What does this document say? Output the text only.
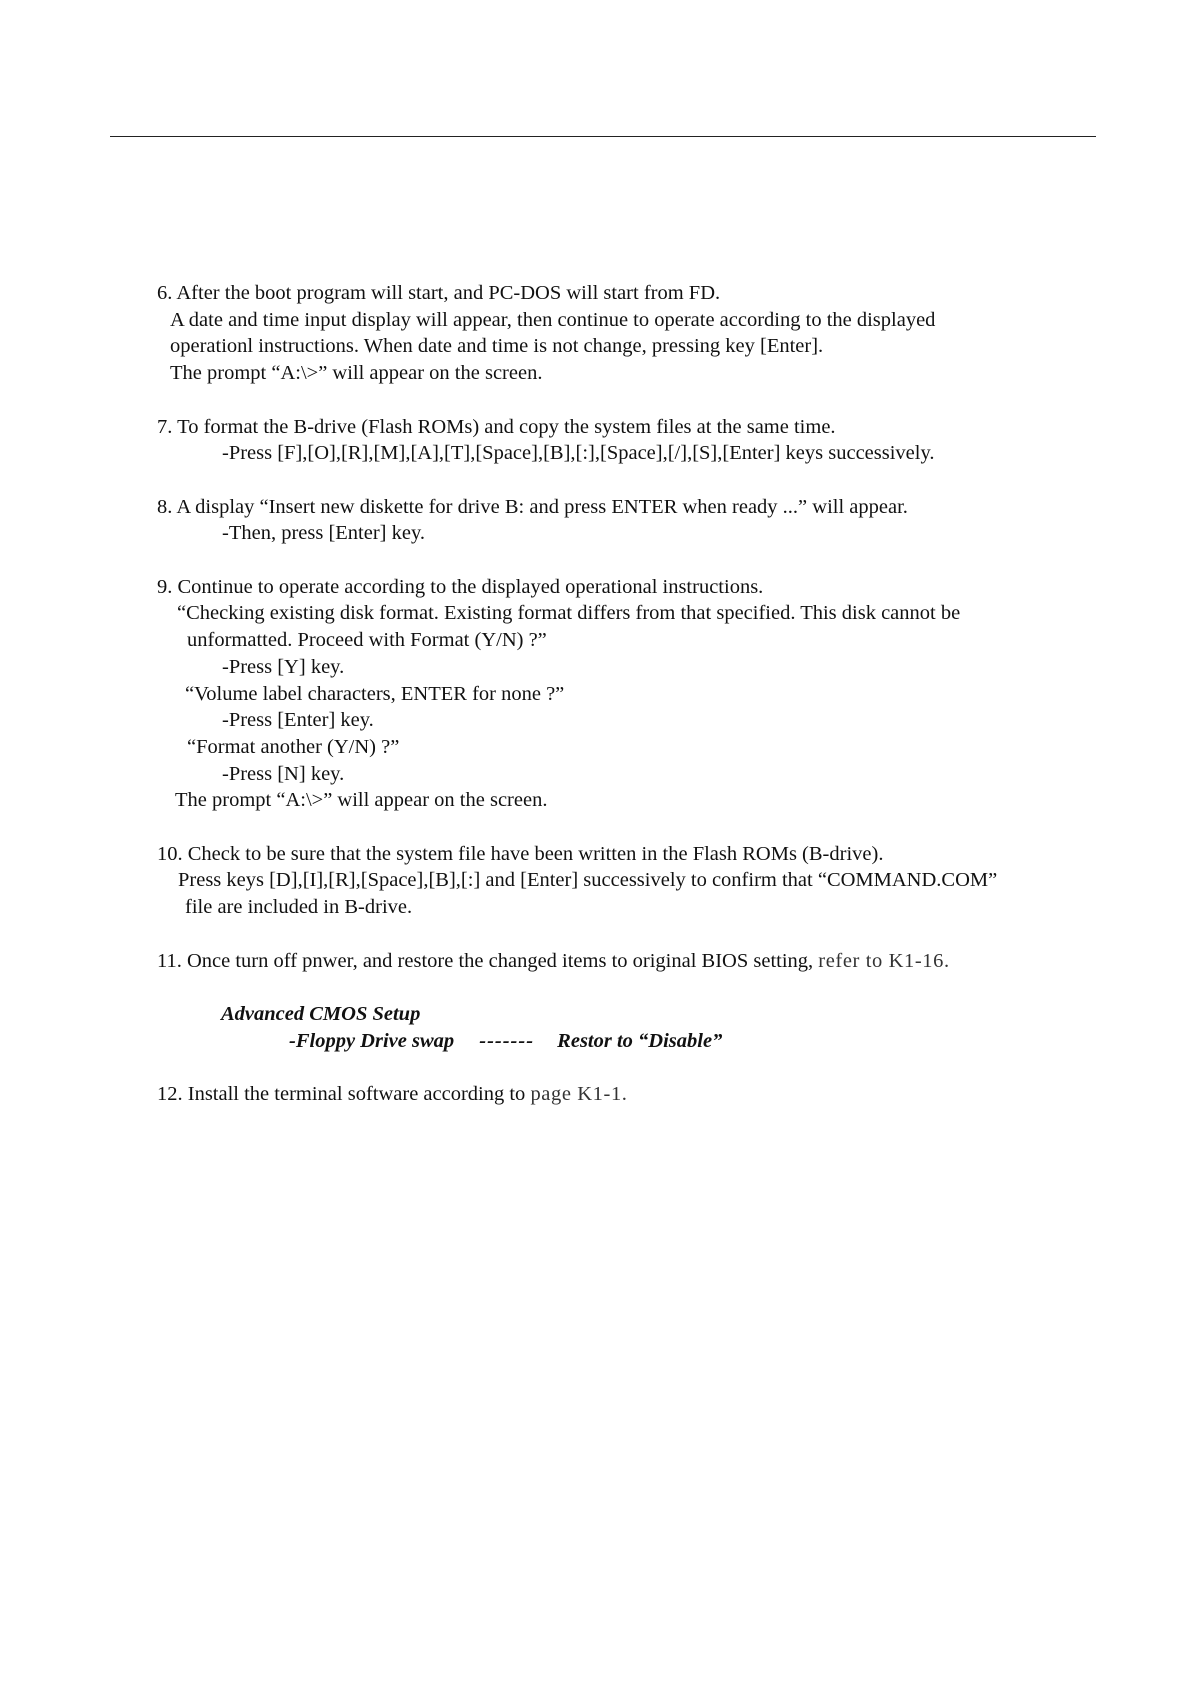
6. After the boot program will start, and PC-DOS will start from FD.
A date and time input display will appear, then continue to operate according to the displayed
operationl instructions. When date and time is not change, pressing key [Enter].
The prompt “A:\>” will appear on the screen.
7. To format the B-drive (Flash ROMs) and copy the system files at the same time.
-Press [F],[O],[R],[M],[A],[T],[Space],[B],[:],[Space],[/],[S],[Enter] keys successively.
8. A display “Insert new diskette for drive B: and press ENTER when ready ...” will appear.
-Then, press [Enter] key.
9. Continue to operate according to the displayed operational instructions.
“Checking existing disk format. Existing format differs from that specified. This disk cannot be
unformatted. Proceed with Format (Y/N) ?”
-Press [Y] key.
“Volume label characters, ENTER for none ?”
-Press [Enter] key.
“Format another (Y/N) ?”
-Press [N] key.
The prompt “A:\>” will appear on the screen.
10. Check to be sure that the system file have been written in the Flash ROMs (B-drive).
Press keys [D],[I],[R],[Space],[B],[:] and [Enter] successively to confirm that “COMMAND.COM”
file are included in B-drive.
11. Once turn off pnwer, and restore the changed items to original BIOS setting, refer to K1-16.
Advanced CMOS Setup
-Floppy Drive swap ------- Restor to “Disable”
12. Install the terminal software according to page K1-1.
